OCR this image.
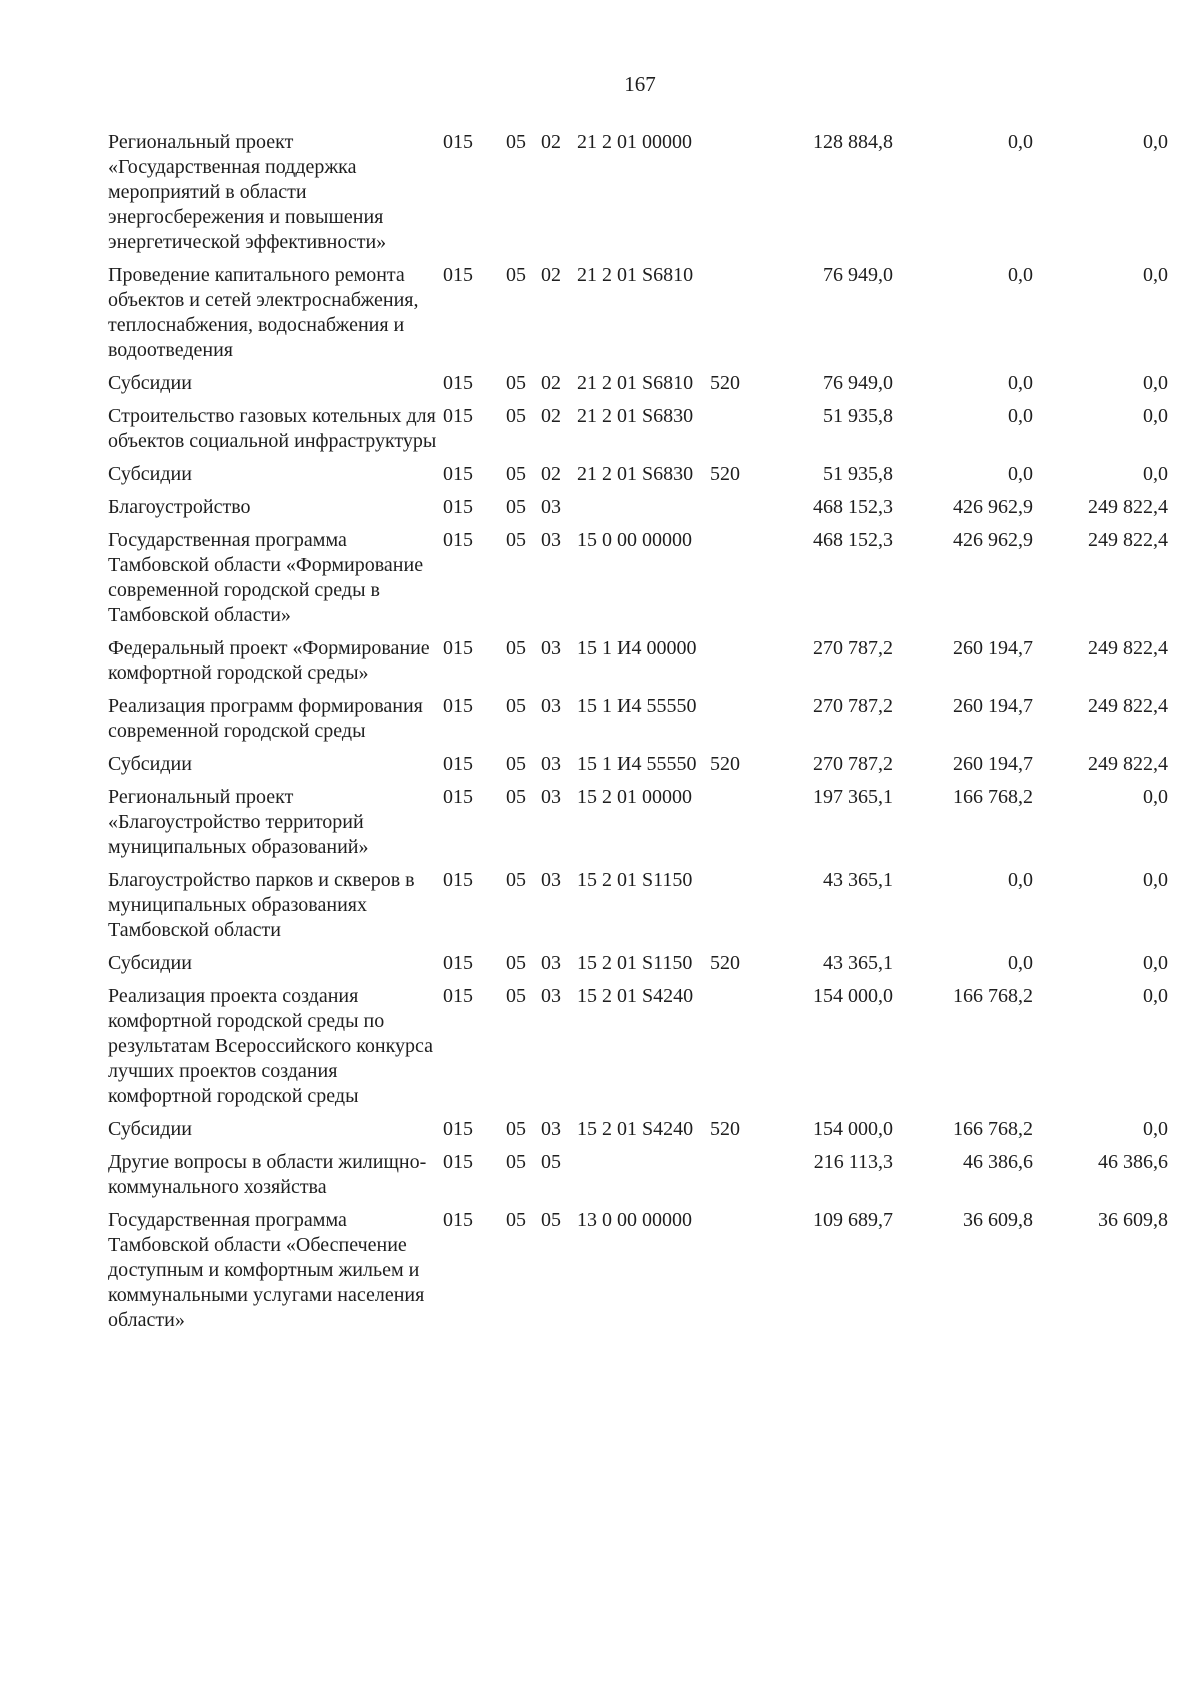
167
Региональный проект «Государственная поддержка мероприятий в области энергосбережения и повышения энергетической эффективности»	015	05	02	21 2 01 00000		128 884,8	0,0	0,0
Проведение капитального ремонта объектов и сетей электроснабжения, теплоснабжения, водоснабжения и водоотведения	015	05	02	21 2 01 S6810		76 949,0	0,0	0,0
Субсидии	015	05	02	21 2 01 S6810	520	76 949,0	0,0	0,0
Строительство газовых котельных для объектов социальной инфраструктуры	015	05	02	21 2 01 S6830		51 935,8	0,0	0,0
Субсидии	015	05	02	21 2 01 S6830	520	51 935,8	0,0	0,0
Благоустройство	015	05	03			468 152,3	426 962,9	249 822,4
Государственная программа Тамбовской области «Формирование современной городской среды в Тамбовской области»	015	05	03	15 0 00 00000		468 152,3	426 962,9	249 822,4
Федеральный проект «Формирование комфортной городской среды»	015	05	03	15 1 И4 00000		270 787,2	260 194,7	249 822,4
Реализация программ формирования современной городской среды	015	05	03	15 1 И4 55550		270 787,2	260 194,7	249 822,4
Субсидии	015	05	03	15 1 И4 55550	520	270 787,2	260 194,7	249 822,4
Региональный проект «Благоустройство территорий муниципальных образований»	015	05	03	15 2 01 00000		197 365,1	166 768,2	0,0
Благоустройство парков и скверов в муниципальных образованиях Тамбовской области	015	05	03	15 2 01 S1150		43 365,1	0,0	0,0
Субсидии	015	05	03	15 2 01 S1150	520	43 365,1	0,0	0,0
Реализация проекта создания комфортной городской среды по результатам Всероссийского конкурса лучших проектов создания комфортной городской среды	015	05	03	15 2 01 S4240		154 000,0	166 768,2	0,0
Субсидии	015	05	03	15 2 01 S4240	520	154 000,0	166 768,2	0,0
Другие вопросы в области жилищно-коммунального хозяйства	015	05	05			216 113,3	46 386,6	46 386,6
Государственная программа Тамбовской области «Обеспечение доступным и комфортным жильем и коммунальными услугами населения области»	015	05	05	13 0 00 00000		109 689,7	36 609,8	36 609,8
